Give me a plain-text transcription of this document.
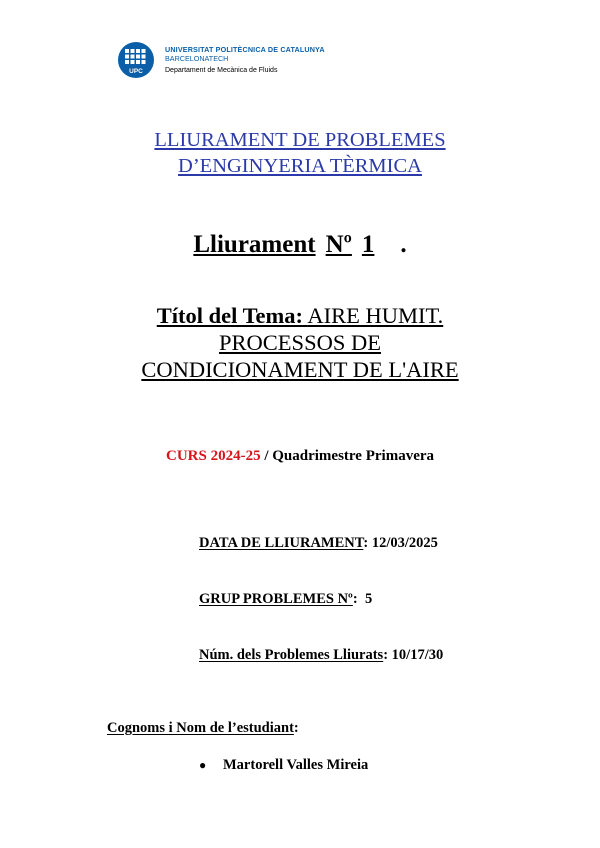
UPC
UNIVERSITAT POLITÈCNICA DE CATALUNYA
BARCELONATECH
Departament de Mecànica de Fluids
LLIURAMENT DE PROBLEMES
D’ENGINYERIA TÈRMICA
Lliurament Nº 1 .
Títol del Tema: AIRE HUMIT.
PROCESSOS DE
CONDICIONAMENT DE L'AIRE
CURS 2024-25 / Quadrimestre Primavera
DATA DE LLIURAMENT: 12/03/2025
GRUP PROBLEMES Nº:  5
Núm. dels Problemes Lliurats: 10/17/30
Cognoms i Nom de l’estudiant:
● Martorell Valles Mireia
